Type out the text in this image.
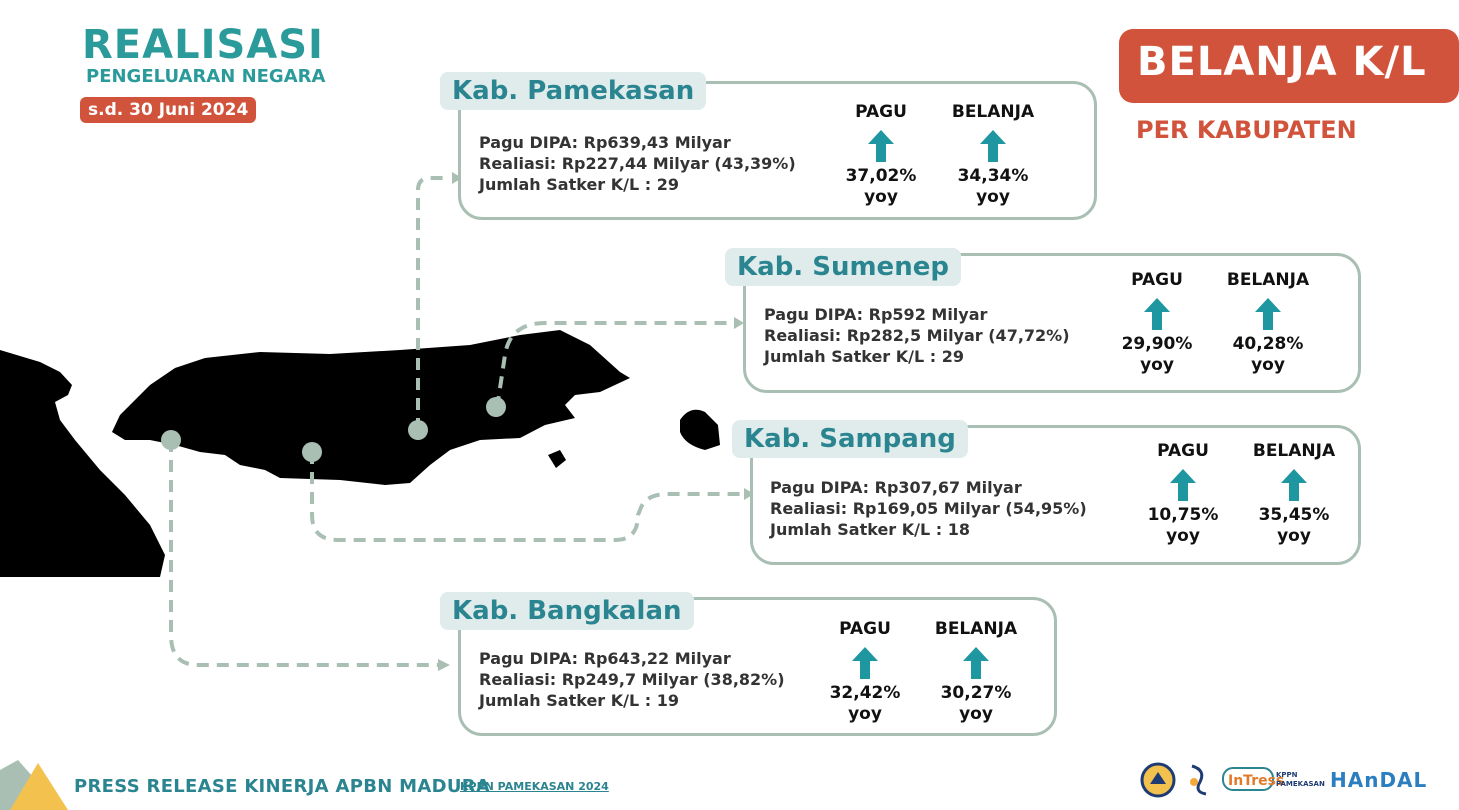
REALISASI
PENGELUARAN NEGARA
s.d. 30 Juni 2024
BELANJA K/L
PER KABUPATEN
Kab. Pamekasan
Pagu DIPA: Rp639,43 Milyar
Realiasi: Rp227,44 Milyar (43,39%)
Jumlah Satker K/L : 29
PAGU
37,02%
yoy
BELANJA
34,34%
yoy
Kab. Sumenep
Pagu DIPA: Rp592 Milyar
Realiasi: Rp282,5 Milyar (47,72%)
Jumlah Satker K/L : 29
PAGU
29,90%
yoy
BELANJA
40,28%
yoy
Kab. Sampang
Pagu DIPA: Rp307,67 Milyar
Realiasi: Rp169,05 Milyar (54,95%)
Jumlah Satker K/L : 18
PAGU
10,75%
yoy
BELANJA
35,45%
yoy
Kab. Bangkalan
Pagu DIPA: Rp643,22 Milyar
Realiasi: Rp249,7 Milyar (38,82%)
Jumlah Satker K/L : 19
PAGU
32,42%
yoy
BELANJA
30,27%
yoy
PRESS RELEASE KINERJA APBN MADURA
KPPN PAMEKASAN 2024	InTress
KPPN
PAMEKASAN HAnDAL
